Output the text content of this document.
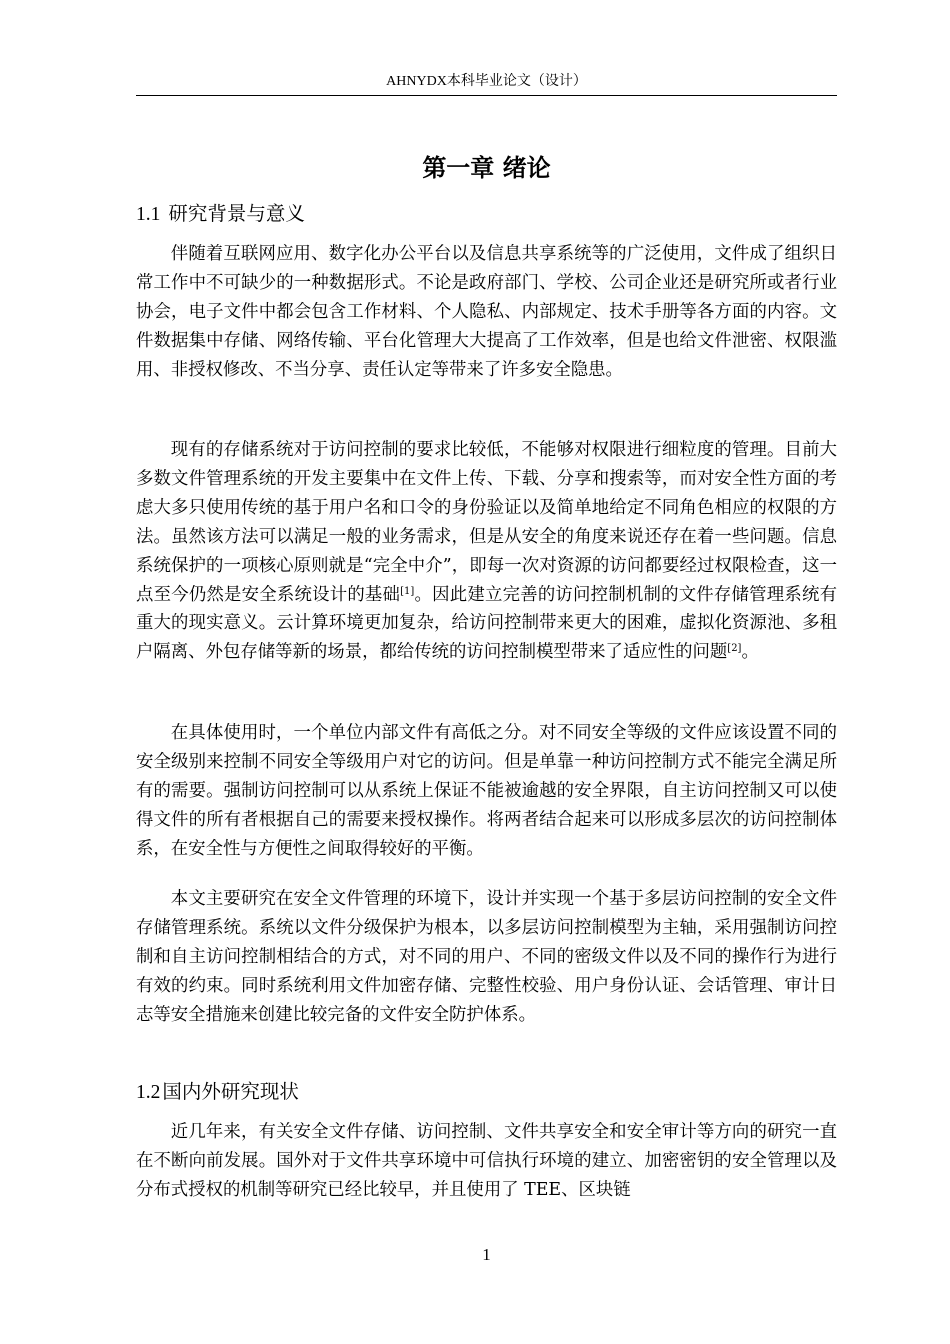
AHNYDX本科毕业论文（设计）
第一章 绪论
1.1 研究背景与意义

伴随着互联网应用、数字化办公平台以及信息共享系统等的广泛使用，文件成了组织日常工作中不可缺少的一种数据形式。不论是政府部门、学校、公司企业还是研究所或者行业协会，电子文件中都会包含工作材料、个人隐私、内部规定、技术手册等各方面的内容。文件数据集中存储、网络传输、平台化管理大大提高了工作效率，但是也给文件泄密、权限滥用、非授权修改、不当分享、责任认定等带来了许多安全隐患。

现有的存储系统对于访问控制的要求比较低，不能够对权限进行细粒度的管理。目前大多数文件管理系统的开发主要集中在文件上传、下载、分享和搜索等，而对安全性方面的考虑大多只使用传统的基于用户名和口令的身份验证以及简单地给定不同角色相应的权限的方法。虽然该方法可以满足一般的业务需求，但是从安全的角度来说还存在着一些问题。信息系统保护的一项核心原则就是“完全中介”，即每一次对资源的访问都要经过权限检查，这一点至今仍然是安全系统设计的基础[1]。因此建立完善的访问控制机制的文件存储管理系统有重大的现实意义。云计算环境更加复杂，给访问控制带来更大的困难，虚拟化资源池、多租户隔离、外包存储等新的场景，都给传统的访问控制模型带来了适应性的问题[2]。

在具体使用时，一个单位内部文件有高低之分。对不同安全等级的文件应该设置不同的安全级别来控制不同安全等级用户对它的访问。但是单靠一种访问控制方式不能完全满足所有的需要。强制访问控制可以从系统上保证不能被逾越的安全界限，自主访问控制又可以使得文件的所有者根据自己的需要来授权操作。将两者结合起来可以形成多层次的访问控制体系，在安全性与方便性之间取得较好的平衡。

本文主要研究在安全文件管理的环境下，设计并实现一个基于多层访问控制的安全文件存储管理系统。系统以文件分级保护为根本，以多层访问控制模型为主轴，采用强制访问控制和自主访问控制相结合的方式，对不同的用户、不同的密级文件以及不同的操作行为进行有效的约束。同时系统利用文件加密存储、完整性校验、用户身份认证、会话管理、审计日志等安全措施来创建比较完备的文件安全防护体系。

1.2 国内外研究现状

近几年来，有关安全文件存储、访问控制、文件共享安全和安全审计等方向的研究一直在不断向前发展。国外对于文件共享环境中可信执行环境的建立、加密密钥的安全管理以及分布式授权的机制等研究已经比较早，并且使用了 TEE、区块链

1
